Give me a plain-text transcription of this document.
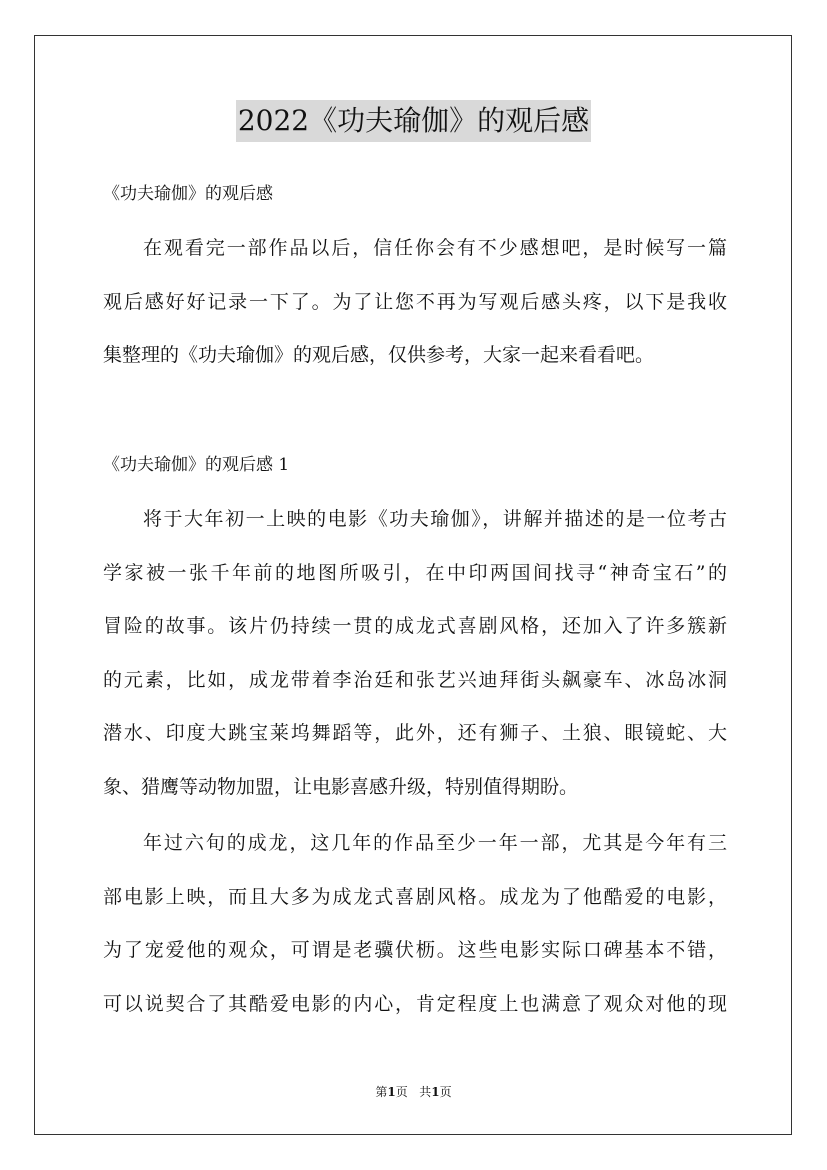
2022《功夫瑜伽》的观后感
《功夫瑜伽》的观后感
在观看完一部作品以后，信任你会有不少感想吧，是时候写一篇
观后感好好记录一下了。为了让您不再为写观后感头疼，以下是我收
集整理的《功夫瑜伽》的观后感，仅供参考，大家一起来看看吧。
《功夫瑜伽》的观后感 1
将于大年初一上映的电影《功夫瑜伽》，讲解并描述的是一位考古
学家被一张千年前的地图所吸引，在中印两国间找寻“神奇宝石”的
冒险的故事。该片仍持续一贯的成龙式喜剧风格，还加入了许多簇新
的元素，比如，成龙带着李治廷和张艺兴迪拜街头飙豪车、冰岛冰洞
潜水、印度大跳宝莱坞舞蹈等，此外，还有狮子、土狼、眼镜蛇、大
象、猎鹰等动物加盟，让电影喜感升级，特别值得期盼。
年过六旬的成龙，这几年的作品至少一年一部，尤其是今年有三
部电影上映，而且大多为成龙式喜剧风格。成龙为了他酷爱的电影，
为了宠爱他的观众，可谓是老骥伏枥。这些电影实际口碑基本不错，
可以说契合了其酷爱电影的内心，肯定程度上也满意了观众对他的现
第1页 共1页
